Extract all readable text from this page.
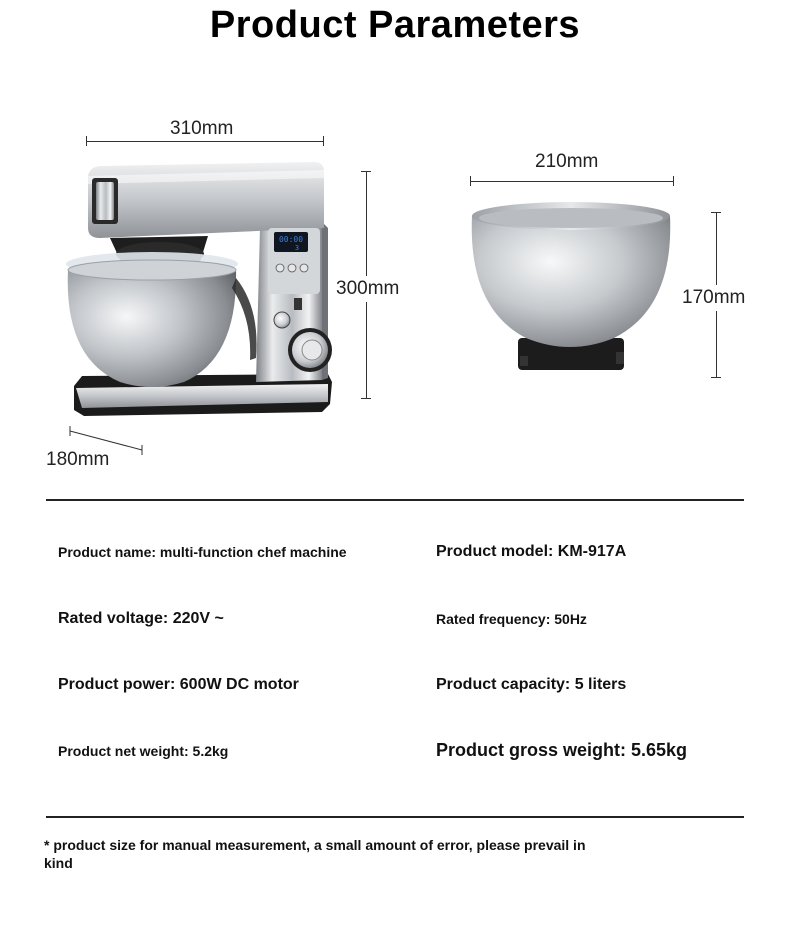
Product Parameters
310mm
300mm
180mm
00:00
3
210mm
170mm
Product name: multi-function chef machine	Product model: KM-917A
Rated voltage: 220V ~	Rated frequency: 50Hz
Product power: 600W DC motor	Product capacity: 5 liters
Product net weight: 5.2kg	Product gross weight: 5.65kg
* product size for manual measurement, a small amount of error, please prevail in kind
